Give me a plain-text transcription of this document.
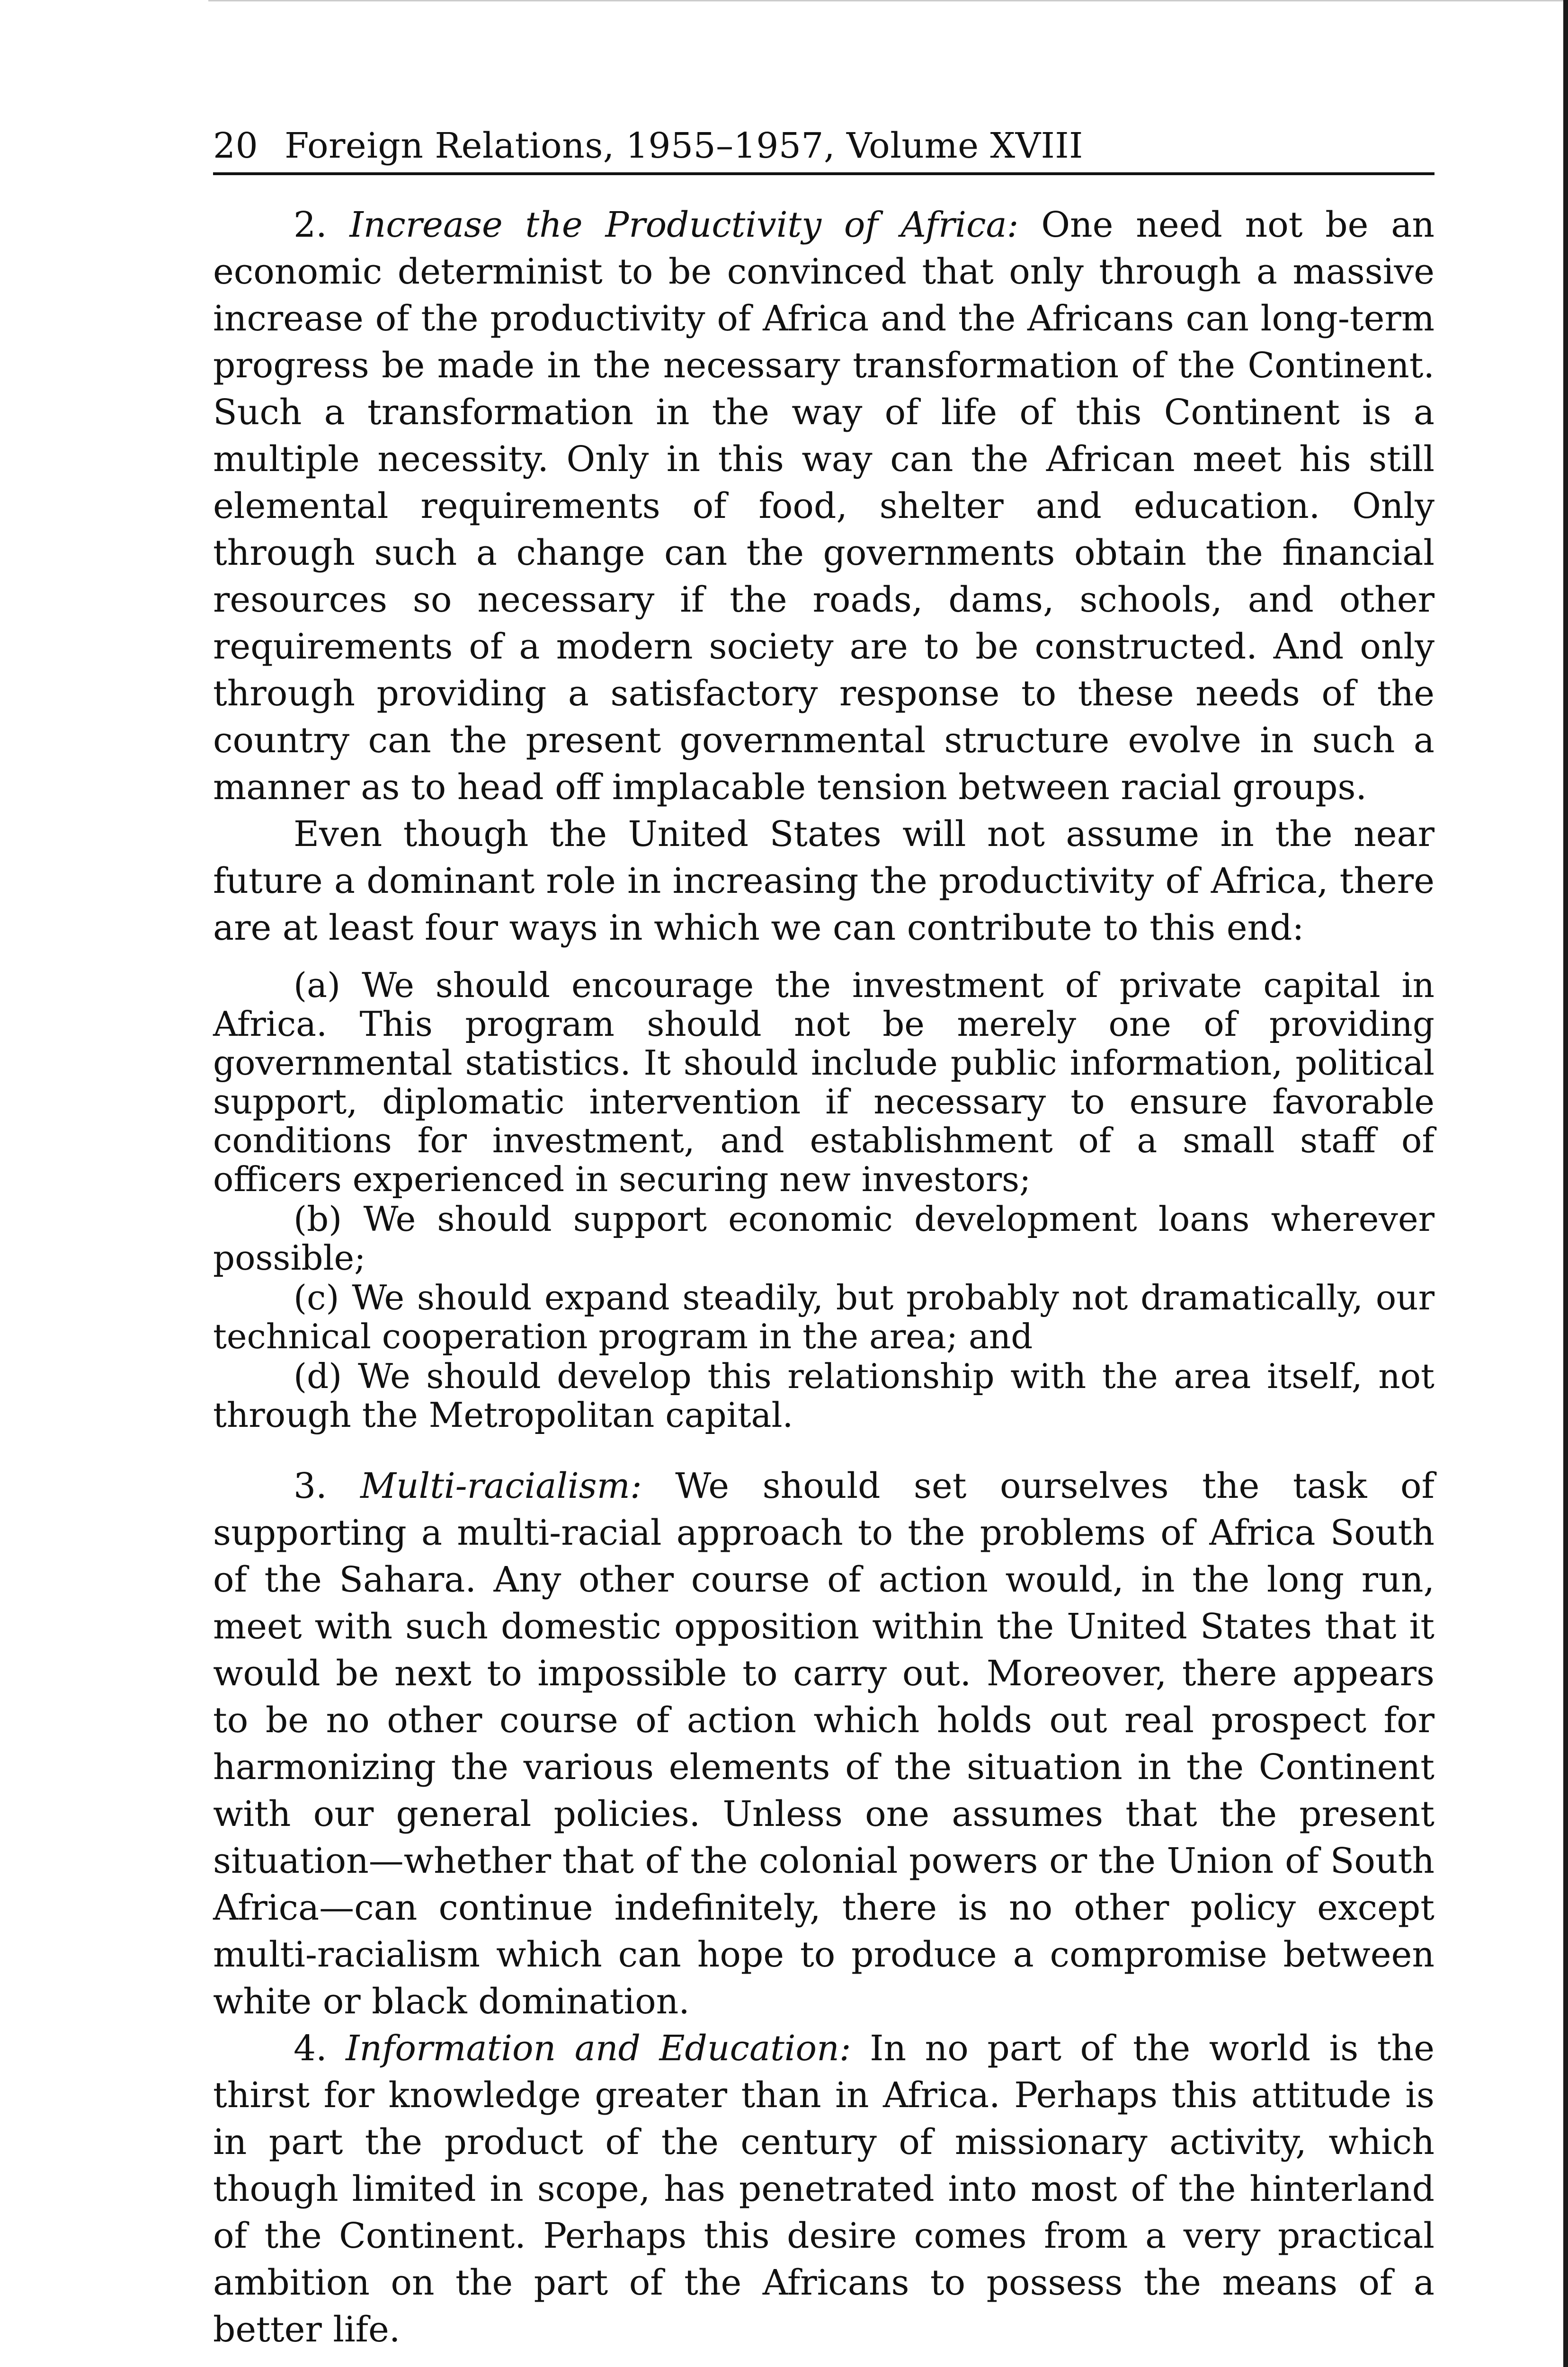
20 Foreign Relations, 1955–1957, Volume XVIII

2. Increase the Productivity of Africa: One need not be an economic determinist to be convinced that only through a massive increase of the productivity of Africa and the Africans can long-term progress be made in the necessary transformation of the Continent. Such a transformation in the way of life of this Continent is a multiple necessity. Only in this way can the African meet his still elemental requirements of food, shelter and education. Only through such a change can the governments obtain the financial resources so necessary if the roads, dams, schools, and other requirements of a modern society are to be constructed. And only through providing a satisfactory response to these needs of the country can the present governmental structure evolve in such a manner as to head off implacable tension between racial groups.

Even though the United States will not assume in the near future a dominant role in increasing the productivity of Africa, there are at least four ways in which we can contribute to this end:

(a) We should encourage the investment of private capital in Africa. This program should not be merely one of providing governmental statistics. It should include public information, political support, diplomatic intervention if necessary to ensure favorable conditions for investment, and establishment of a small staff of officers experienced in securing new investors;

(b) We should support economic development loans wherever possible;

(c) We should expand steadily, but probably not dramatically, our technical cooperation program in the area; and

(d) We should develop this relationship with the area itself, not through the Metropolitan capital.

3. Multi-racialism: We should set ourselves the task of supporting a multi-racial approach to the problems of Africa South of the Sahara. Any other course of action would, in the long run, meet with such domestic opposition within the United States that it would be next to impossible to carry out. Moreover, there appears to be no other course of action which holds out real prospect for harmonizing the various elements of the situation in the Continent with our general policies. Unless one assumes that the present situation—whether that of the colonial powers or the Union of South Africa—can continue indefinitely, there is no other policy except multi-racialism which can hope to produce a compromise between white or black domination.

4. Information and Education: In no part of the world is the thirst for knowledge greater than in Africa. Perhaps this attitude is in part the product of the century of missionary activity, which though limited in scope, has penetrated into most of the hinterland of the Continent. Perhaps this desire comes from a very practical ambition on the part of the Africans to possess the means of a better life.
